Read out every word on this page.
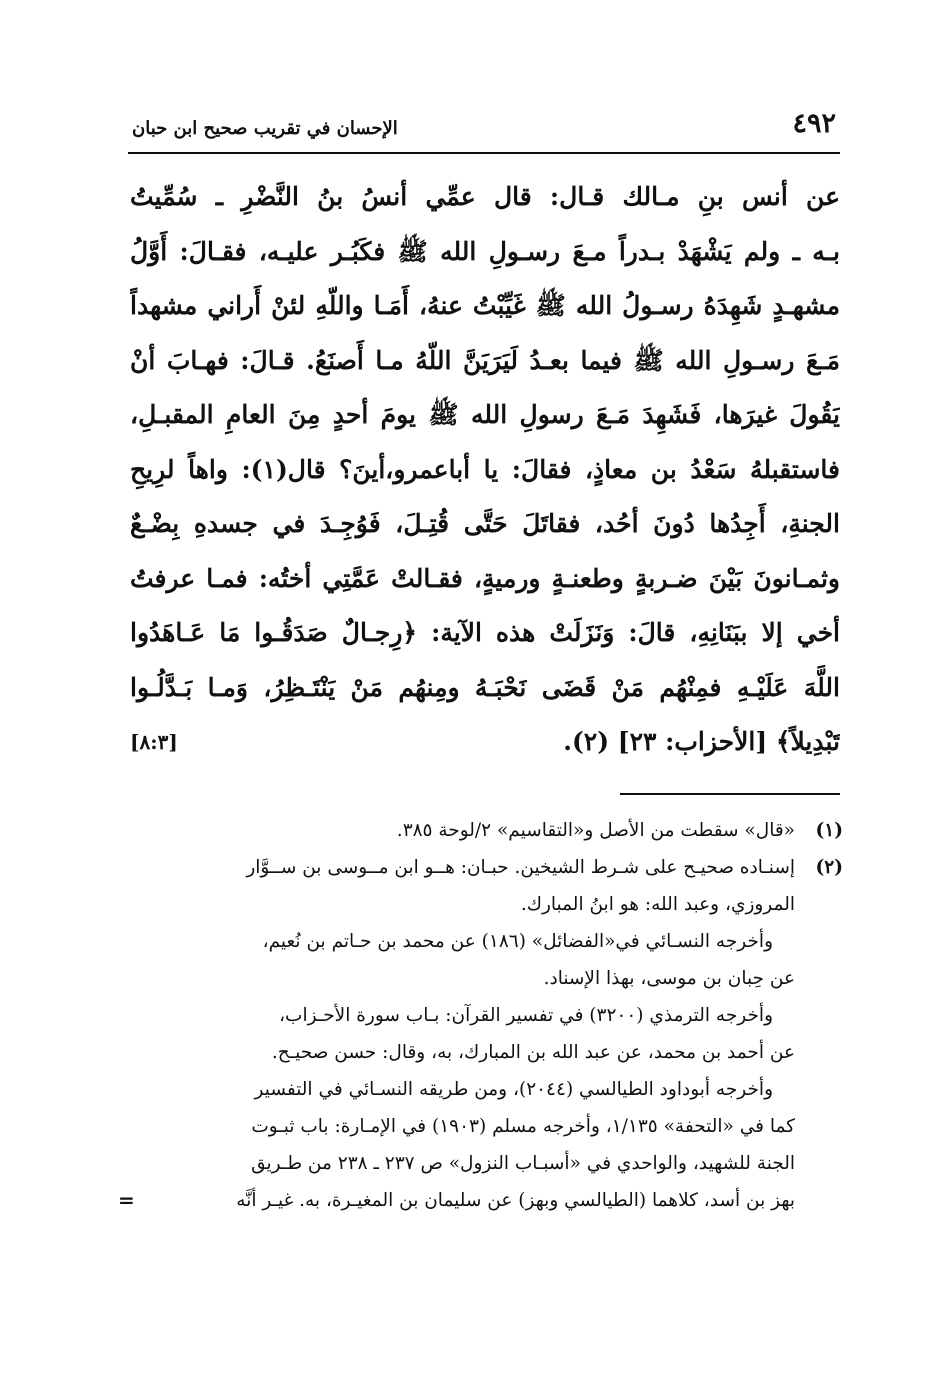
٤٩٢
الإحسان في تقريب صحيح ابن حبان
عن أنس بنِ مـالك قـال: قال عمِّي أنسُ بنُ النَّضْرِ ـ سُمِّيتُ
بـه ـ ولم يَشْهَدْ بـدراً مـعَ رسـولِ الله ﷺ فكَبُـر عليـه، فقـالَ: أَوَّلُ
مشهـدٍ شَهِدَهُ رسـولُ الله ﷺ غَيِّبْتُ عنهُ، أَمَـا واللّهِ لئنْ أَراني مشهداً
مَـعَ رسـولِ الله ﷺ فيما بعـدُ لَيَرَيَنَّ اللّهُ مـا أَصنَعُ. قـالَ: فهـابَ أنْ
يَقُولَ غيرَها، فَشَهِدَ مَـعَ رسولِ الله ﷺ يومَ أحدٍ مِنَ العامِ المقبـلِ،
فاستقبلهُ سَعْدُ بن معاذٍ، فقالَ: يا أباعمرو،أينَ؟ قال(١): واهاً لرِيحِ
الجنةِ، أَجِدُها دُونَ أحُد، فقاتَلَ حَتَّى قُتِـلَ، فَوُجِـدَ في جسدهِ بِضْـعٌ
وثمـانونَ بَيْنَ ضـربةٍ وطعنـةٍ ورميةٍ، فقـالتْ عَمَّتِي أختُه: فمـا عرفتُ
أخي إلا ببَنَانِهِ، قالَ: وَنَزَلَتْ هذه الآية: ﴿رِجـالٌ صَدَقُـوا مَا عَـاهَدُوا
اللَّهَ عَلَيْـهِ فمِنْهُم مَنْ قَضَى نَحْبَـهُ ومِنهُم مَنْ يَنْتَـظِرُ، وَمـا بَـدَّلُـوا
تَبْدِيلاً﴾ [الأحزاب: ٢٣] (٢).
[٨:٣]
(١)«قال» سقطت من الأصل و«التقاسيم» ٢/لوحة ٣٨٥.
(٢)إسنـاده صحيـح على شـرط الشيخين. حبـان: هــو ابن مــوسى بن ســوَّار
المروزي، وعبد الله: هو ابنُ المبارك.
وأخرجه النسـائي في«الفضائل» (١٨٦) عن محمد بن حـاتم بن نُعيم،
عن حِبان بن موسى، بهذا الإسناد.
وأخرجه الترمذي (٣٢٠٠) في تفسير القرآن: بـاب سورة الأحـزاب،
عن أحمد بن محمد، عن عبد الله بن المبارك، به، وقال: حسن صحيـح.
وأخرجه أبوداود الطيالسي (٢٠٤٤)، ومن طريقه النسـائي في التفسير
كما في «التحفة» ١/١٣٥، وأخرجه مسلم (١٩٠٣) في الإمـارة: باب ثبـوت
الجنة للشهيد، والواحدي في «أسبـاب النزول» ص ٢٣٧ ـ ٢٣٨ من طـريق
بهز بن أسد، كلاهما (الطيالسي وبهز) عن سليمان بن المغيـرة، به. غيـر أنَّه
=
